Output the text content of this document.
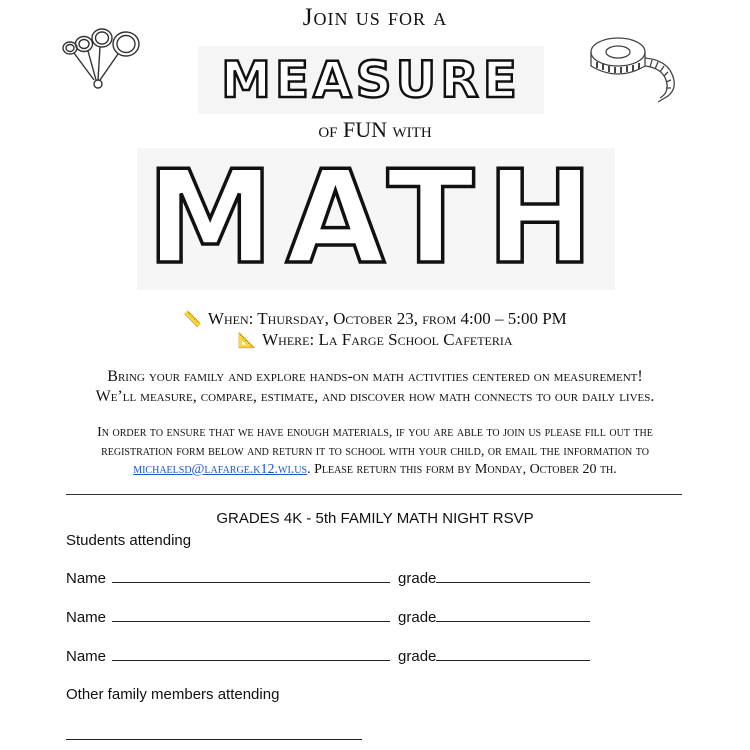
Join us for a
MEASURE
of FUN with
MATH
📏 When: Thursday, October 23, from 4:00 – 5:00 PM
📐 Where: La Farge School Cafeteria
Bring your family and explore hands-on math activities centered on measurement!
We’ll measure, compare, estimate, and discover how math connects to our daily lives.
In order to ensure that we have enough materials, if you are able to join us please fill out the
registration form below and return it to school with your child, or email the information to
michaelsd@lafarge.k12.wi.us. Please return this form by Monday, October 20 th.
GRADES 4K - 5th FAMILY MATH NIGHT RSVP
Students attending
Name	grade
Name	grade
Name	grade
Other family members attending
